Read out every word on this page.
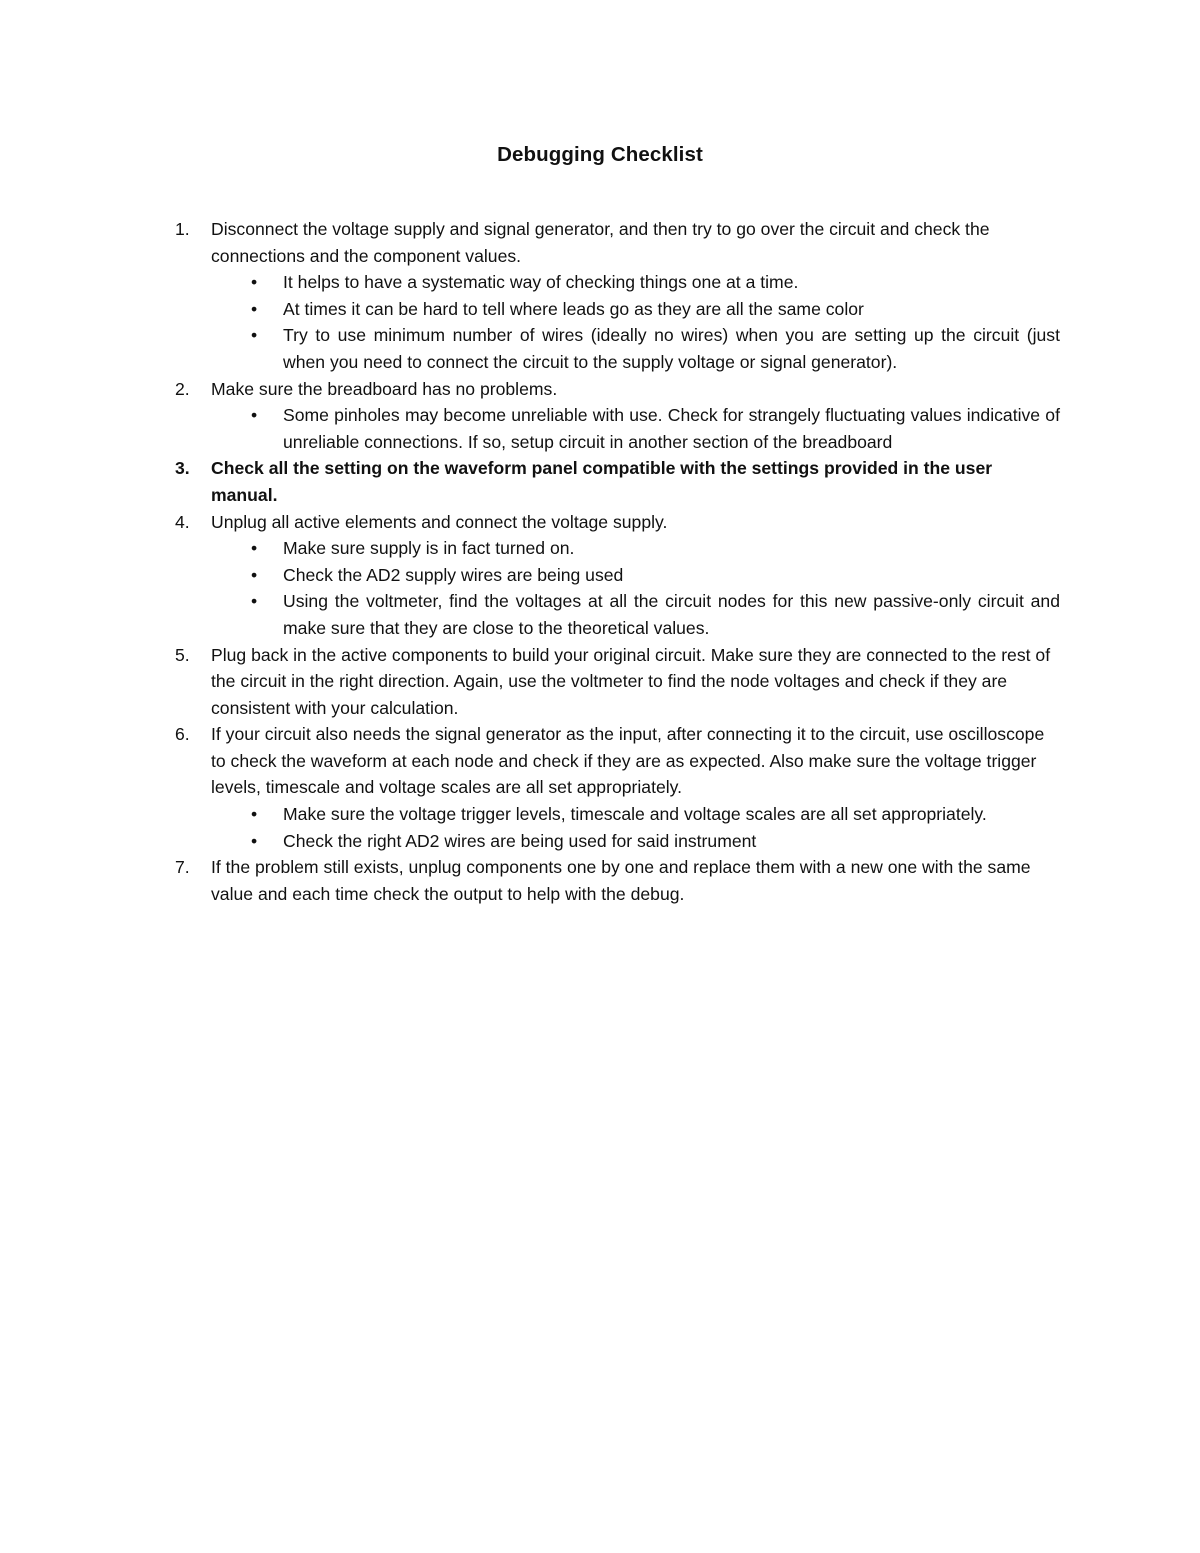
Debugging Checklist
1. Disconnect the voltage supply and signal generator, and then try to go over the circuit and check the connections and the component values.
• It helps to have a systematic way of checking things one at a time.
• At times it can be hard to tell where leads go as they are all the same color
• Try to use minimum number of wires (ideally no wires) when you are setting up the circuit (just when you need to connect the circuit to the supply voltage or signal generator).
2. Make sure the breadboard has no problems.
• Some pinholes may become unreliable with use. Check for strangely fluctuating values indicative of unreliable connections. If so, setup circuit in another section of the breadboard
3. Check all the setting on the waveform panel compatible with the settings provided in the user manual.
4. Unplug all active elements and connect the voltage supply.
• Make sure supply is in fact turned on.
• Check the AD2 supply wires are being used
• Using the voltmeter, find the voltages at all the circuit nodes for this new passive-only circuit and make sure that they are close to the theoretical values.
5. Plug back in the active components to build your original circuit. Make sure they are connected to the rest of the circuit in the right direction. Again, use the voltmeter to find the node voltages and check if they are consistent with your calculation.
6. If your circuit also needs the signal generator as the input, after connecting it to the circuit, use oscilloscope to check the waveform at each node and check if they are as expected. Also make sure the voltage trigger levels, timescale and voltage scales are all set appropriately.
• Make sure the voltage trigger levels, timescale and voltage scales are all set appropriately.
• Check the right AD2 wires are being used for said instrument
7. If the problem still exists, unplug components one by one and replace them with a new one with the same value and each time check the output to help with the debug.
